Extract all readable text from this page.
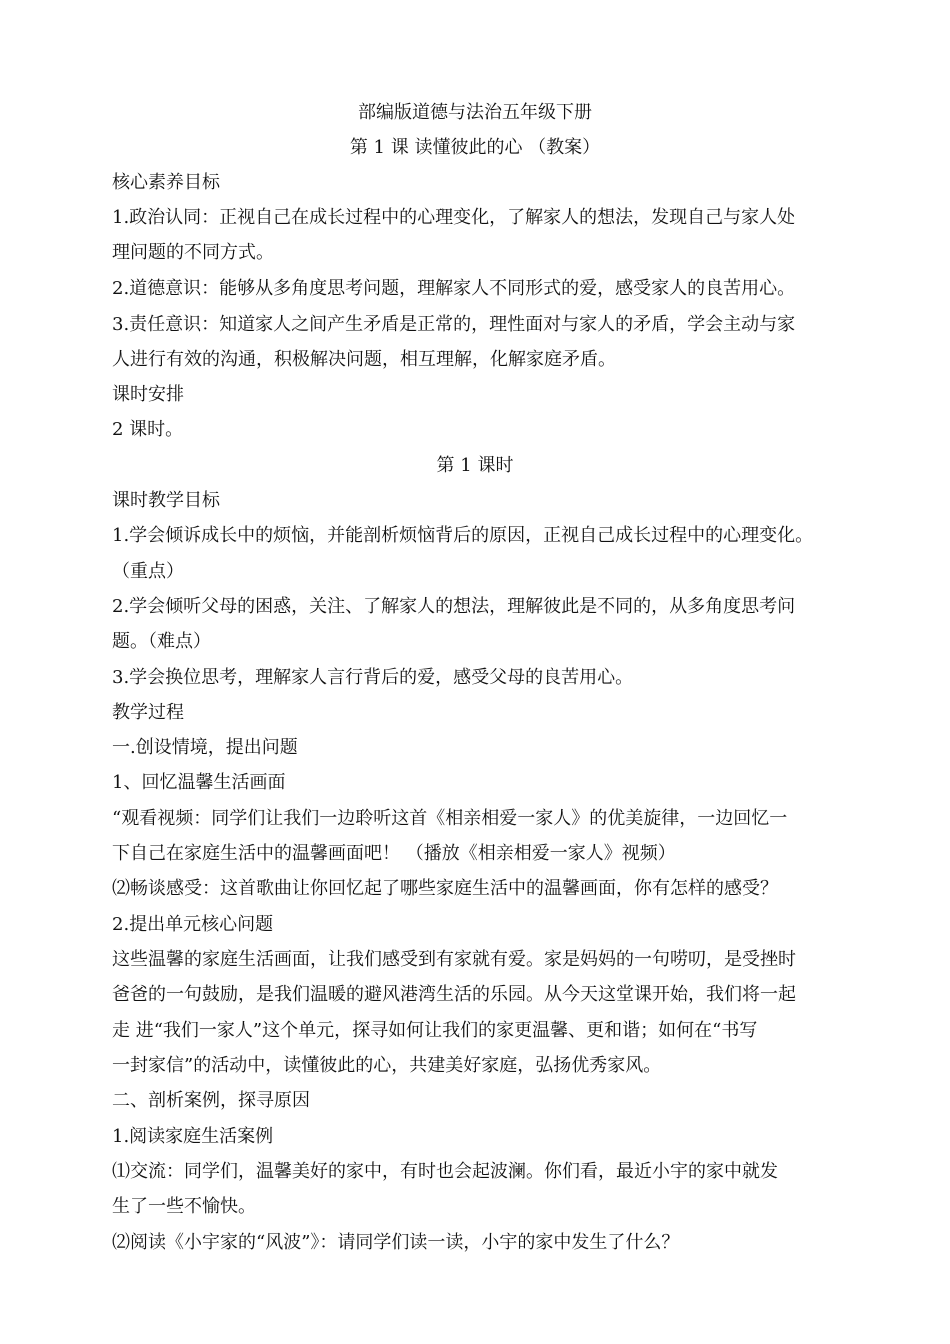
部编版道德与法治五年级下册
第 1 课 读懂彼此的心 （教案）
核心素养目标
1.政治认同：正视自己在成长过程中的心理变化，了解家人的想法，发现自己与家人处
理问题的不同方式。
2.道德意识：能够从多角度思考问题，理解家人不同形式的爱，感受家人的良苦用心。
3.责任意识：知道家人之间产生矛盾是正常的，理性面对与家人的矛盾，学会主动与家
人进行有效的沟通，积极解决问题，相互理解，化解家庭矛盾。
课时安排
2 课时。
第 1 课时
课时教学目标
1.学会倾诉成长中的烦恼，并能剖析烦恼背后的原因，正视自己成长过程中的心理变化。
（重点）
2.学会倾听父母的困惑，关注、了解家人的想法，理解彼此是不同的，从多角度思考问
题。（难点）
3.学会换位思考，理解家人言行背后的爱，感受父母的良苦用心。
教学过程
一.创设情境，提出问题
1、回忆温馨生活画面
“观看视频：同学们让我们一边聆听这首《相亲相爱一家人》的优美旋律，一边回忆一
下自己在家庭生活中的温馨画面吧！ （播放《相亲相爱一家人》视频）
⑵畅谈感受：这首歌曲让你回忆起了哪些家庭生活中的温馨画面，你有怎样的感受？
2.提出单元核心问题
这些温馨的家庭生活画面，让我们感受到有家就有爱。家是妈妈的一句唠叨，是受挫时
爸爸的一句鼓励，是我们温暖的避风港湾生活的乐园。从今天这堂课开始，我们将一起
走 进“我们一家人”这个单元，探寻如何让我们的家更温馨、更和谐；如何在“书写
一封家信”的活动中，读懂彼此的心，共建美好家庭，弘扬优秀家风。
二、剖析案例，探寻原因
1.阅读家庭生活案例
⑴交流：同学们，温馨美好的家中，有时也会起波澜。你们看，最近小宇的家中就发
生了一些不愉快。
⑵阅读《小宇家的“风波”》：请同学们读一读，小宇的家中发生了什么？
